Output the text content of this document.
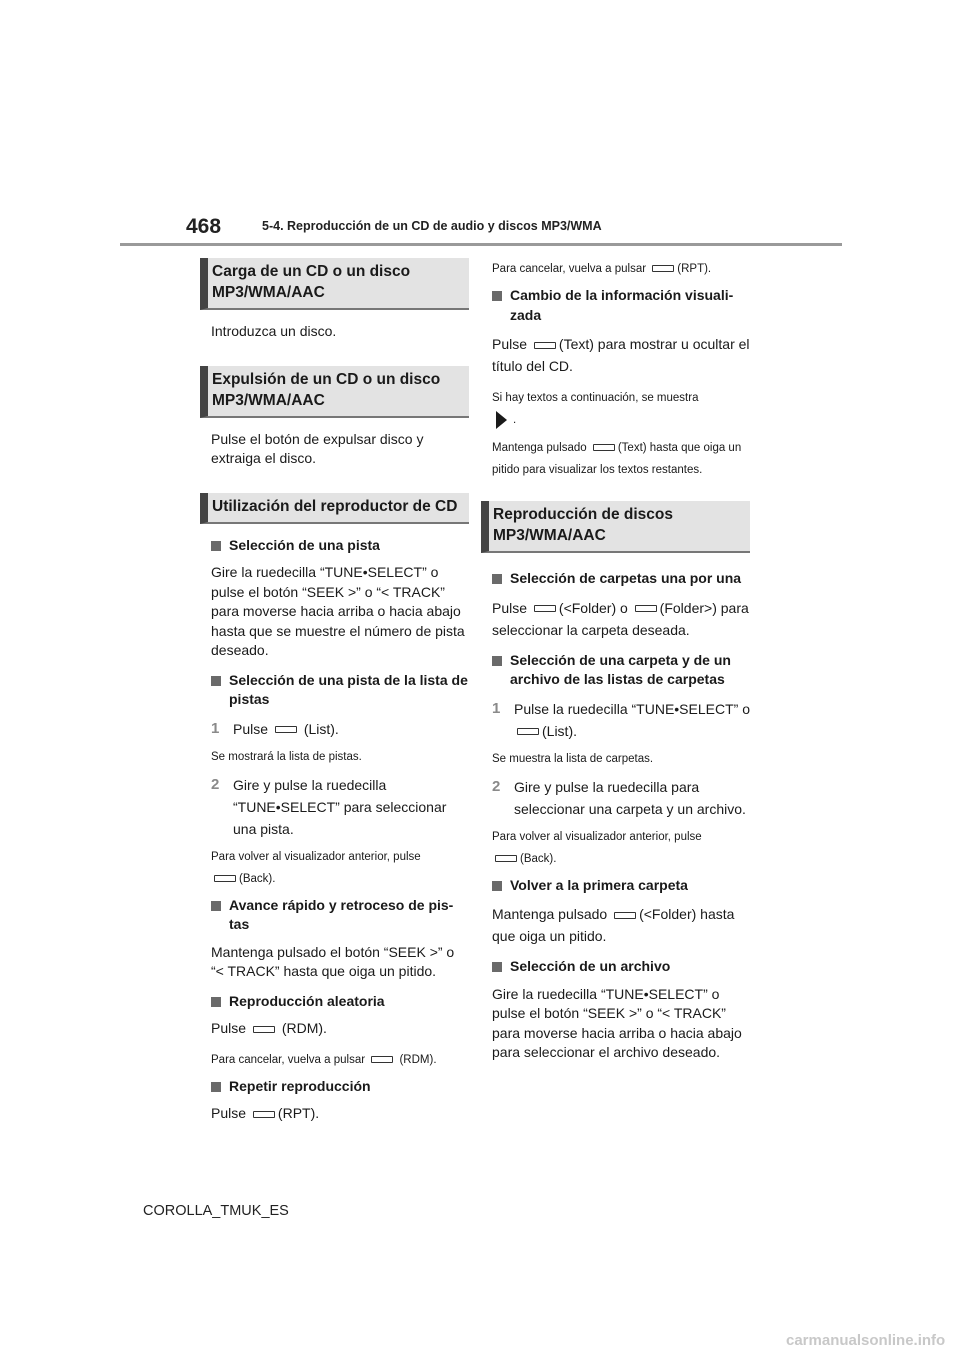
468	5-4. Reproducción de un CD de audio y discos MP3/WMA
Carga de un CD o un disco MP3/WMA/AAC

Introduzca un disco.

Expulsión de un CD o un disco MP3/WMA/AAC

Pulse el botón de expulsar disco y extraiga el disco.

Utilización del reproductor de CD
Selección de una pista

Gire la ruedecilla “TUNE•SELECT” o pulse el botón “SEEK >” o “< TRACK” para moverse hacia arriba o hacia abajo hasta que se muestre el número de pista deseado.

Selección de una pista de la lista de pistas
1 Pulse	(List).

Se mostrará la lista de pistas.

2 Gire y pulse la ruedecilla “TUNE•SELECT” para seleccionar una pista.

Para volver al visualizador anterior, pulse
(Back).

Avance rápido y retroceso de pis-tas

Mantenga pulsado el botón “SEEK >” o “< TRACK” hasta que oiga un pitido.

Reproducción aleatoria

Pulse	(RDM).

Para cancelar, vuelva a pulsar	(RDM).

Repetir reproducción

Pulse (RPT).

Para cancelar, vuelva a pulsar	(RPT).

Cambio de la información visuali-zada

Pulse (Text) para mostrar u ocultar el título del CD.

Si hay textos a continuación, se muestra
.

Mantenga pulsado	(Text) hasta que oiga un pitido para visualizar los textos restantes.

Reproducción de discos MP3/WMA/AAC
Selección de carpetas una por una

Pulse (<Folder) o (Folder>) para seleccionar la carpeta deseada.

Selección de una carpeta y de un archivo de las listas de carpetas
1 Pulse la ruedecilla “TUNE•SELECT” o (List).

Se muestra la lista de carpetas.

2 Gire y pulse la ruedecilla para seleccionar una carpeta y un archivo.

Para volver al visualizador anterior, pulse
(Back).

Volver a la primera carpeta

Mantenga pulsado (<Folder) hasta que oiga un pitido.

Selección de un archivo

Gire la ruedecilla “TUNE•SELECT” o pulse el botón “SEEK >” o “< TRACK” para moverse hacia arriba o hacia abajo para seleccionar el archivo deseado.

COROLLA_TMUK_ES
carmanualsonline.info
